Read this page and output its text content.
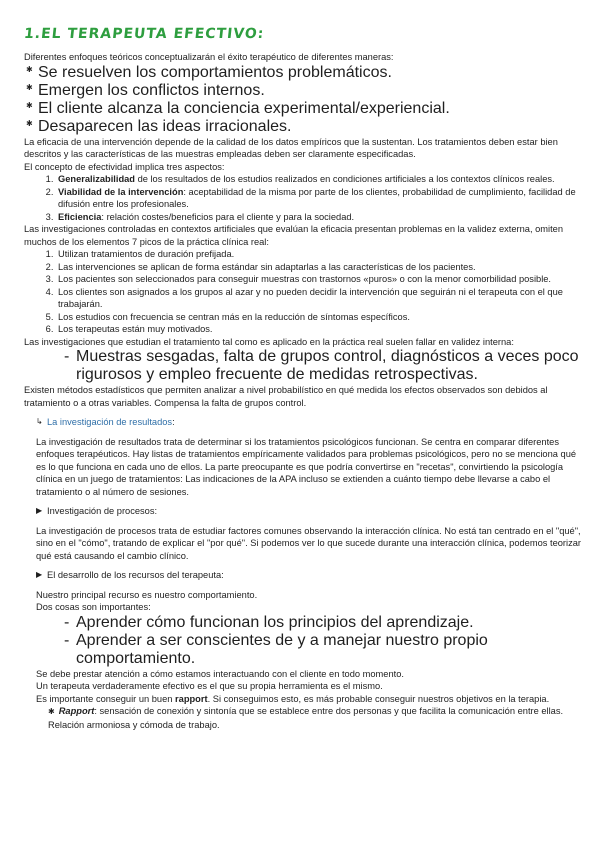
1.EL TERAPEUTA EFECTIVO:

Diferentes enfoques teóricos conceptualizarán el éxito terapéutico de diferentes maneras:

✱ Se resuelven los comportamientos problemáticos.
✱ Emergen los conflictos internos.
✱ El cliente alcanza la conciencia experimental/experiencial.
✱ Desaparecen las ideas irracionales.

La eficacia de una intervención depende de la calidad de los datos empíricos que la sustentan. Los tratamientos deben estar bien descritos y las características de las muestras empleadas deben ser claramente especificadas.

El concepto de efectividad implica tres aspectos:

1. Generalizabilidad de los resultados de los estudios realizados en condiciones artificiales a los contextos clínicos reales.
2. Viabilidad de la intervención: aceptabilidad de la misma por parte de los clientes, probabilidad de cumplimiento, facilidad de difusión entre los profesionales.
3. Eficiencia: relación costes/beneficios para el cliente y para la sociedad.

Las investigaciones controladas en contextos artificiales que evalúan la eficacia presentan problemas en la validez externa, omiten muchos de los elementos 7 picos de la práctica clínica real:

1. Utilizan tratamientos de duración prefijada.
2. Las intervenciones se aplican de forma estándar sin adaptarlas a las características de los pacientes.
3. Los pacientes son seleccionados para conseguir muestras con trastornos «puros» o con la menor comorbilidad posible.
4. Los clientes son asignados a los grupos al azar y no pueden decidir la intervención que seguirán ni el terapeuta con el que trabajarán.
5. Los estudios con frecuencia se centran más en la reducción de síntomas específicos.
6. Los terapeutas están muy motivados.

Las investigaciones que estudian el tratamiento tal como es aplicado en la práctica real suelen fallar en validez interna:

- Muestras sesgadas, falta de grupos control, diagnósticos a veces poco rigurosos y empleo frecuente de medidas retrospectivas.

Existen métodos estadísticos que permiten analizar a nivel probabilístico en qué medida los efectos observados son debidos al tratamiento o a otras variables. Compensa la falta de grupos control.

↳ La investigación de resultados :

La investigación de resultados trata de determinar si los tratamientos psicológicos funcionan. Se centra en comparar diferentes enfoques terapéuticos. Hay listas de tratamientos empíricamente validados para problemas psicológicos, pero no se menciona qué es lo que funciona en cada uno de ellos. La parte preocupante es que podría convertirse en "recetas", convirtiendo la psicología clínica en un juego de tratamientos: Las indicaciones de la APA incluso se extienden a cuánto tiempo debe llevarse a cabo el tratamiento o al número de sesiones.

▶ Investigación de procesos:

La investigación de procesos trata de estudiar factores comunes observando la interacción clínica. No está tan centrado en el "qué", sino en el "cómo", tratando de explicar el "por qué". Si podemos ver lo que sucede durante una interacción clínica, podemos teorizar qué está causando el cambio clínico.

▶ El desarrollo de los recursos del terapeuta:

Nuestro principal recurso es nuestro comportamiento.

Dos cosas son importantes:

- Aprender cómo funcionan los principios del aprendizaje.
- Aprender a ser conscientes de y a manejar nuestro propio comportamiento.

Se debe prestar atención a cómo estamos interactuando con el cliente en todo momento.

Un terapeuta verdaderamente efectivo es el que su propia herramienta es el mismo.

Es importante conseguir un buen rapport. Si conseguimos esto, es más probable conseguir nuestros objetivos en la terapia.

✱ Rapport: sensación de conexión y sintonía que se establece entre dos personas y que facilita la comunicación entre ellas. Relación armoniosa y cómoda de trabajo.
